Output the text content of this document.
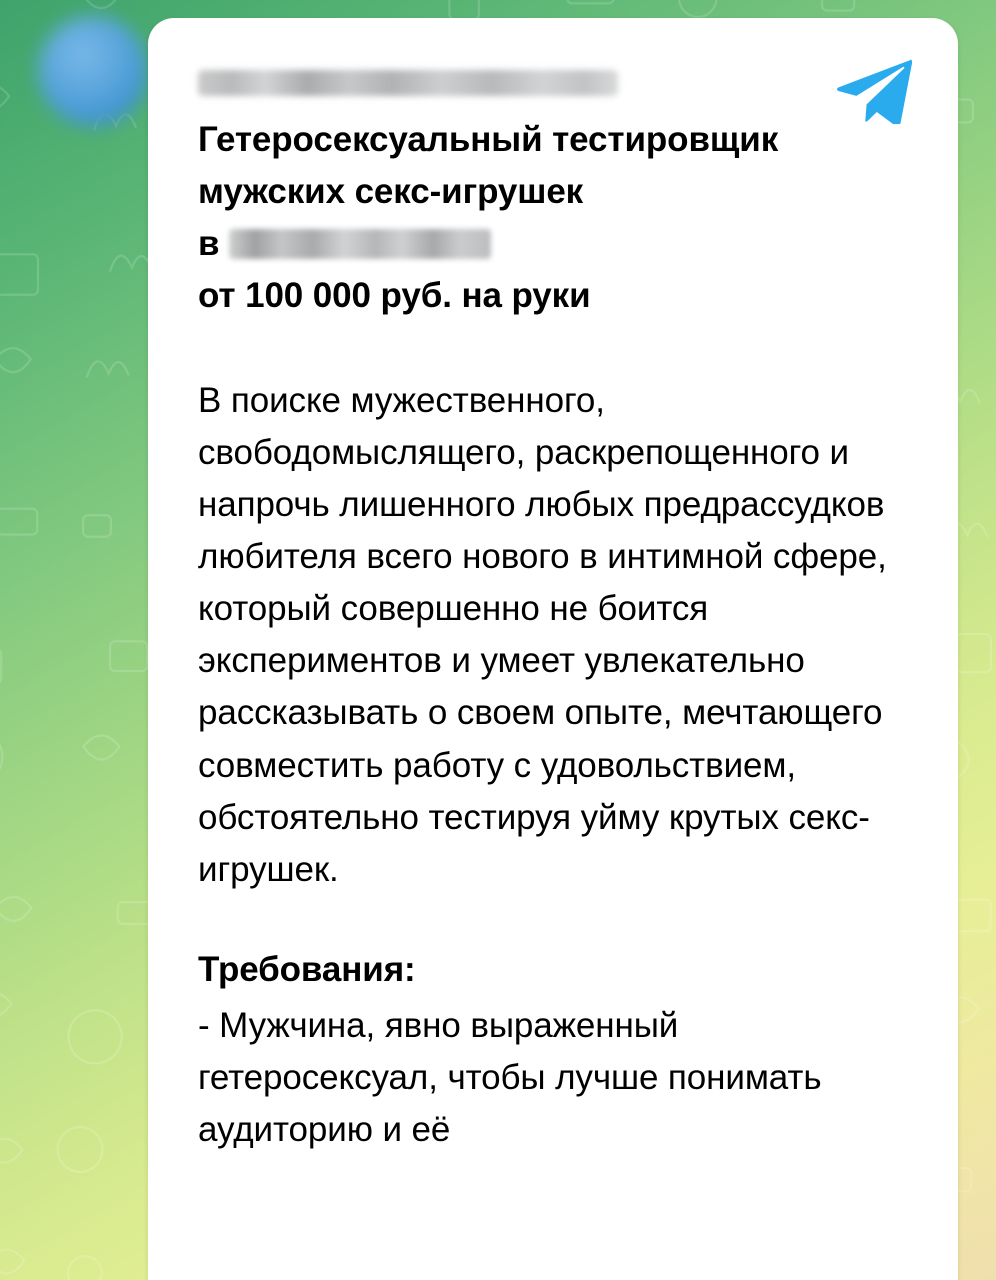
Гетеросексуальный тестировщик
мужских секс-игрушек
в
от 100 000 руб. на руки
В поиске мужественного, свободомыслящего, раскрепощенного и напрочь лишенного любых предрассудков любителя всего нового в интимной сфере, который совершенно не боится экспериментов и умеет увлекательно рассказывать о своем опыте, мечтающего совместить работу с удовольствием, обстоятельно тестируя уйму крутых секс-игрушек.
Требования:
- Мужчина, явно выраженный гетеросексуал, чтобы лучше понимать аудиторию и её
